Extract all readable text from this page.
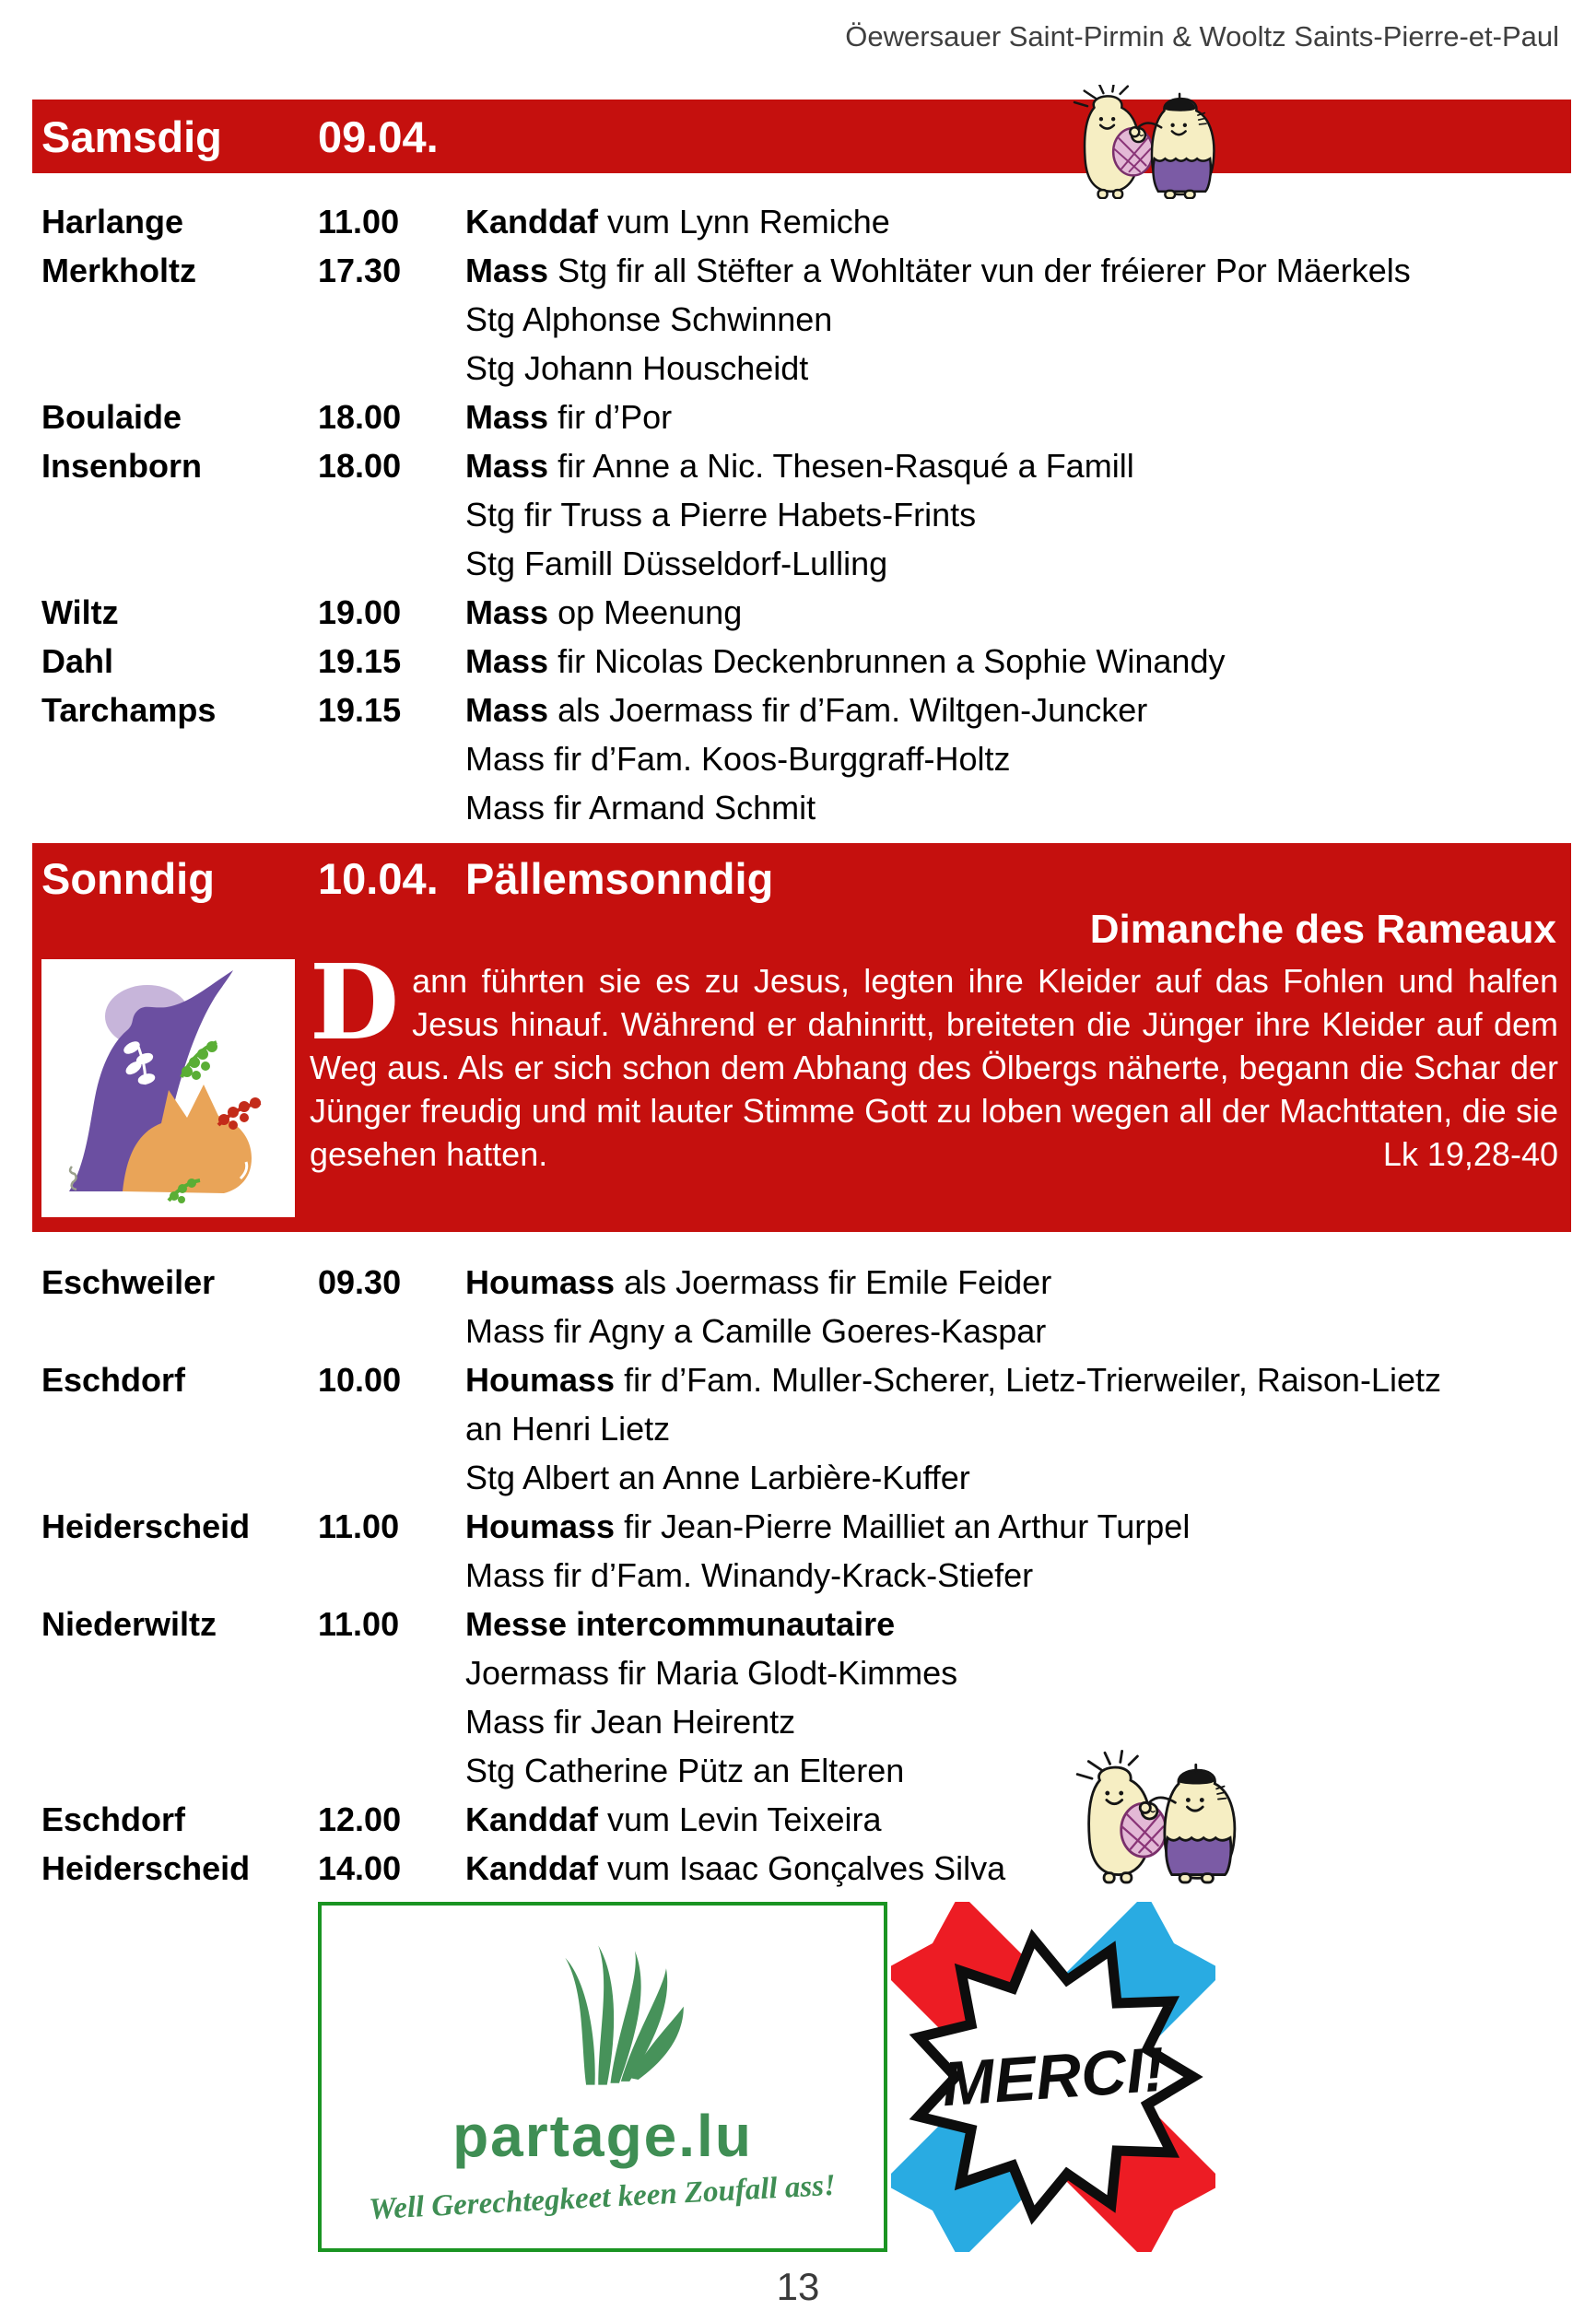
Öewersauer Saint-Pirmin & Wooltz Saints-Pierre-et-Paul
Samsdig	09.04.
Harlange	11.00	Kanddaf vum Lynn Remiche
Merkholtz	17.30	Mass Stg fir all Stëfter a Wohltäter vun der fréierer Por Mäerkels
Stg Alphonse Schwinnen
Stg Johann Houscheidt
Boulaide	18.00	Mass fir d’Por
Insenborn	18.00	Mass fir Anne a Nic. Thesen-Rasqué a Famill
Stg fir Truss a Pierre Habets-Frints
Stg Famill Düsseldorf-Lulling
Wiltz	19.00	Mass op Meenung
Dahl	19.15	Mass fir Nicolas Deckenbrunnen a Sophie Winandy
Tarchamps	19.15	Mass als Joermass fir d’Fam. Wiltgen-Juncker
Mass fir d’Fam. Koos-Burggraff-Holtz
Mass fir Armand Schmit
Sonndig	10.04. Pällemsonndig
Dimanche des Rameaux

Dann führten sie es zu Jesus, legten ihre Kleider auf das Fohlen und halfen Jesus hinauf. Während er dahinritt, breiteten die Jünger ihre Kleider auf dem Weg aus. Als er sich schon dem Abhang des Ölbergs näherte, begann die Schar der Jünger freudig und mit lauter Stimme Gott zu loben wegen all der Machttaten, die sie gesehen hatten.	Lk 19,28-40

Eschweiler	09.30	Houmass als Joermass fir Emile Feider
Mass fir Agny a Camille Goeres-Kaspar
Eschdorf	10.00	Houmass fir d’Fam. Muller-Scherer, Lietz-Trierweiler, Raison-Lietz
an Henri Lietz
Stg Albert an Anne Larbière-Kuffer
Heiderscheid	11.00	Houmass fir Jean-Pierre Mailliet an Arthur Turpel
Mass fir d’Fam. Winandy-Krack-Stiefer
Niederwiltz	11.00	Messe intercommunautaire
Joermass fir Maria Glodt-Kimmes
Mass fir Jean Heirentz
Stg Catherine Pütz an Elteren
Eschdorf	12.00	Kanddaf vum Levin Teixeira
Heiderscheid	14.00	Kanddaf vum Isaac Gonçalves Silva
partage.lu
Well Gerechtegkeet keen Zoufall ass!
MERCI!
13
